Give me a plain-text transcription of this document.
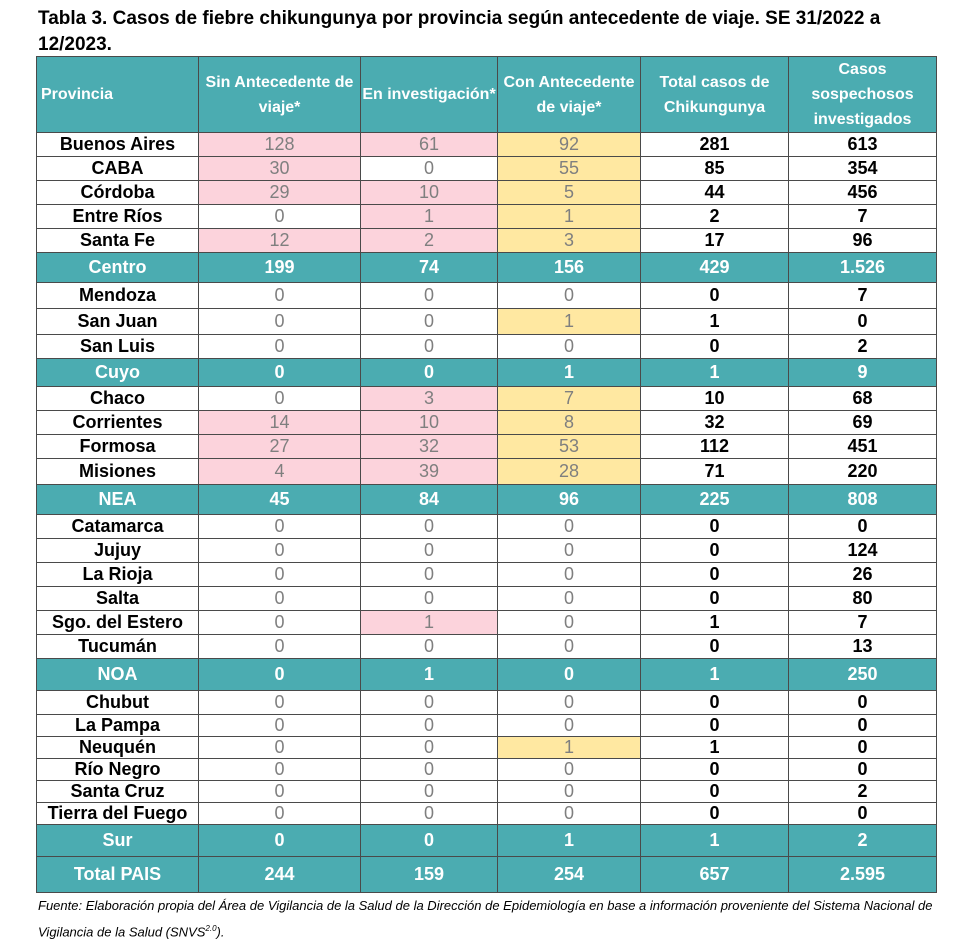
Tabla 3. Casos de fiebre chikungunya por provincia según antecedente de viaje. SE 31/2022 a 12/2023.
Provincia	Sin Antecedente de viaje*	En investigación*	Con Antecedente de viaje*	Total casos de Chikungunya	Casos sospechosos investigados
Buenos Aires	128	61	92	281	613
CABA	30	0	55	85	354
Córdoba	29	10	5	44	456
Entre Ríos	0	1	1	2	7
Santa Fe	12	2	3	17	96
Centro	199	74	156	429	1.526
Mendoza	0	0	0	0	7
San Juan	0	0	1	1	0
San Luis	0	0	0	0	2
Cuyo	0	0	1	1	9
Chaco	0	3	7	10	68
Corrientes	14	10	8	32	69
Formosa	27	32	53	112	451
Misiones	4	39	28	71	220
NEA	45	84	96	225	808
Catamarca	0	0	0	0	0
Jujuy	0	0	0	0	124
La Rioja	0	0	0	0	26
Salta	0	0	0	0	80
Sgo. del Estero	0	1	0	1	7
Tucumán	0	0	0	0	13
NOA	0	1	0	1	250
Chubut	0	0	0	0	0
La Pampa	0	0	0	0	0
Neuquén	0	0	1	1	0
Río Negro	0	0	0	0	0
Santa Cruz	0	0	0	0	2
Tierra del Fuego	0	0	0	0	0
Sur	0	0	1	1	2
Total PAIS	244	159	254	657	2.595
Fuente: Elaboración propia del Área de Vigilancia de la Salud de la Dirección de Epidemiología en base a información proveniente del Sistema Nacional de Vigilancia de la Salud $(SNVS^{2.0})$.
